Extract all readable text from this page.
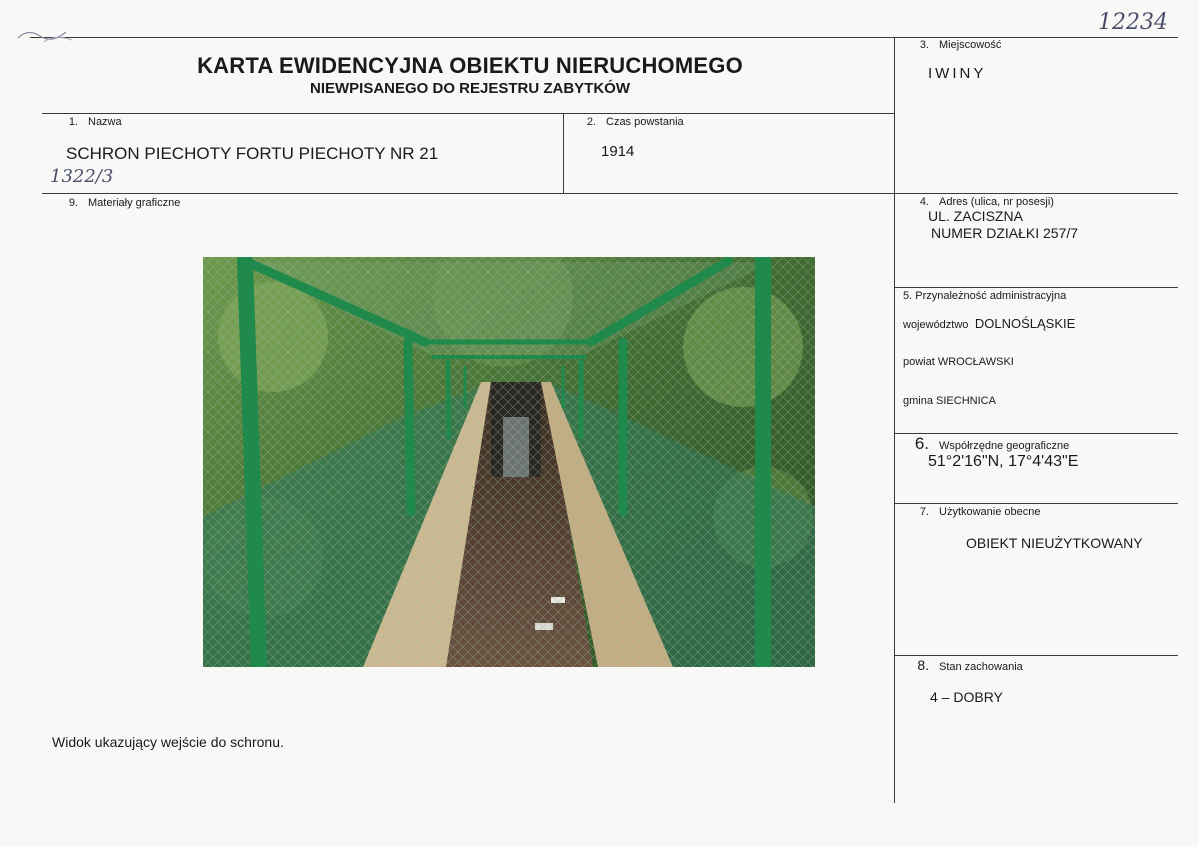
12234
KARTA EWIDENCYJNA OBIEKTU NIERUCHOMEGO
NIEWPISANEGO DO REJESTRU ZABYTKÓW
1. Nazwa
SCHRON PIECHOTY FORTU PIECHOTY NR 21
1322/3
2. Czas powstania
1914
3. Miejscowość
IWINY
4. Adres (ulica, nr posesji)
UL. ZACISZNA
NUMER DZIAŁKI 257/7
5. Przynależność administracyjna
województwo DOLNOŚLĄSKIE
powiat WROCŁAWSKI
gmina SIECHNICA
6. Współrzędne geograficzne
51°2'16"N, 17°4'43"E
7. Użytkowanie obecne
OBIEKT NIEUŻYTKOWANY
8. Stan zachowania
4 – DOBRY
9. Materiały graficzne
Widok ukazujący wejście do schronu.
